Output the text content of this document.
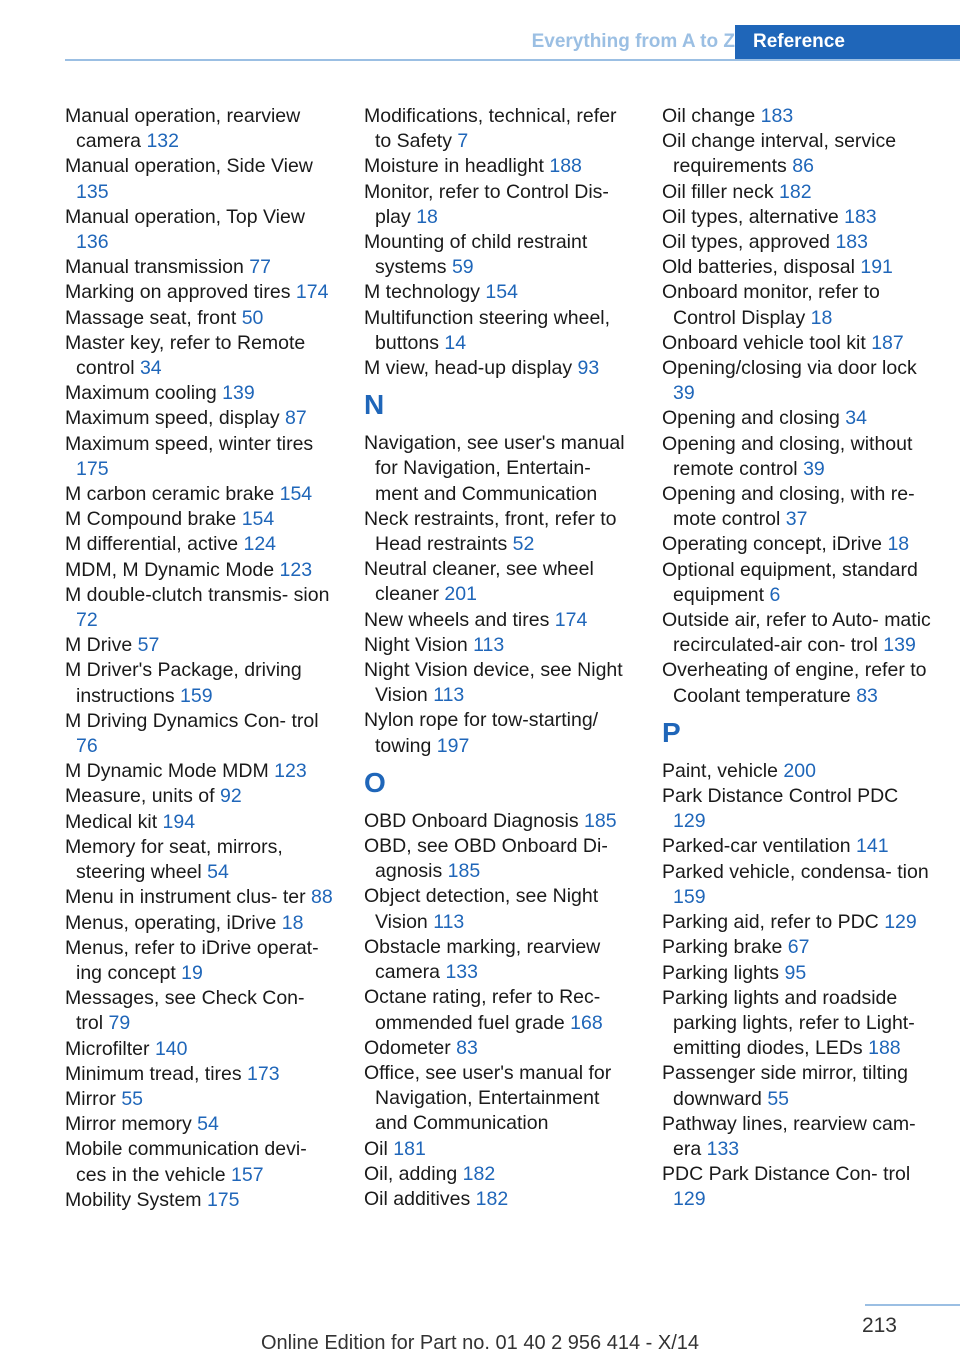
Everything from A to Z Reference

Manual operation, rearview camera 132

Manual operation, Side View 135

Manual operation, Top View 136

Manual transmission 77

Marking on approved tires 174

Massage seat, front 50

Master key, refer to Remote control 34

Maximum cooling 139

Maximum speed, display 87

Maximum speed, winter tires 175

M carbon ceramic brake 154

M Compound brake 154

M differential, active 124

MDM, M Dynamic Mode 123

M double-clutch transmis‐ sion 72

M Drive 57

M Driver's Package, driving instructions 159

M Driving Dynamics Con‐ trol 76

M Dynamic Mode MDM 123

Measure, units of 92

Medical kit 194

Memory for seat, mirrors, steering wheel 54

Menu in instrument clus‐ ter 88

Menus, operating, iDrive 18

Menus, refer to iDrive operat‐ ing concept 19

Messages, see Check Con‐ trol 79

Microfilter 140

Minimum tread, tires 173

Mirror 55

Mirror memory 54

Mobile communication devi‐ ces in the vehicle 157

Mobility System 175

Modifications, technical, refer to Safety 7

Moisture in headlight 188

Monitor, refer to Control Dis‐ play 18

Mounting of child restraint systems 59

M technology 154

Multifunction steering wheel, buttons 14

M view, head-up display 93

N

Navigation, see user's manual for Navigation, Entertain‐ ment and Communication

Neck restraints, front, refer to Head restraints 52

Neutral cleaner, see wheel cleaner 201

New wheels and tires 174

Night Vision 113

Night Vision device, see Night Vision 113

Nylon rope for tow-starting/ towing 197

O

OBD Onboard Diagnosis 185

OBD, see OBD Onboard Di‐ agnosis 185

Object detection, see Night Vision 113

Obstacle marking, rearview camera 133

Octane rating, refer to Rec‐ ommended fuel grade 168

Odometer 83

Office, see user's manual for Navigation, Entertainment and Communication

Oil 181

Oil, adding 182

Oil additives 182

Oil change 183

Oil change interval, service requirements 86

Oil filler neck 182

Oil types, alternative 183

Oil types, approved 183

Old batteries, disposal 191

Onboard monitor, refer to Control Display 18

Onboard vehicle tool kit 187

Opening/closing via door lock 39

Opening and closing 34

Opening and closing, without remote control 39

Opening and closing, with re‐ mote control 37

Operating concept, iDrive 18

Optional equipment, standard equipment 6

Outside air, refer to Auto‐ matic recirculated-air con‐ trol 139

Overheating of engine, refer to Coolant temperature 83

P

Paint, vehicle 200

Park Distance Control PDC 129

Parked-car ventilation 141

Parked vehicle, condensa‐ tion 159

Parking aid, refer to PDC 129

Parking brake 67

Parking lights 95

Parking lights and roadside parking lights, refer to Light- emitting diodes, LEDs 188

Passenger side mirror, tilting downward 55

Pathway lines, rearview cam‐ era 133

PDC Park Distance Con‐ trol 129

213
Online Edition for Part no. 01 40 2 956 414 - X/14
